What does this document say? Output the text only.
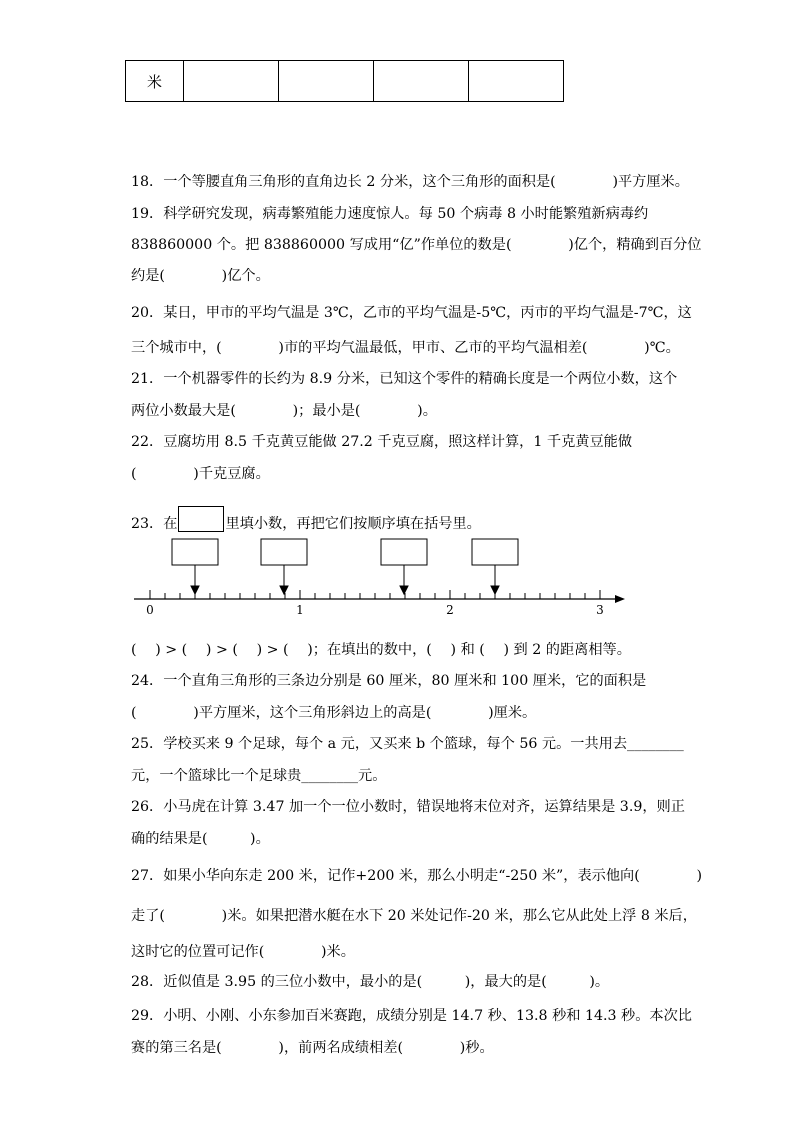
米				
18．一个等腰直角三角形的直角边长 2 分米，这个三角形的面积是(　　　　)平方厘米。
19．科学研究发现，病毒繁殖能力速度惊人。每 50 个病毒 8 小时能繁殖新病毒约
838860000 个。把 838860000 写成用“亿”作单位的数是(　　　　)亿个，精确到百分位
约是(　　　　)亿个。
20．某日，甲市的平均气温是 3℃，乙市的平均气温是-5℃，丙市的平均气温是-7℃，这
三个城市中，(　　　　)市的平均气温最低，甲市、乙市的平均气温相差(　　　　)℃。
21．一个机器零件的长约为 8.9 分米，已知这个零件的精确长度是一个两位小数，这个
两位小数最大是(　　　　)；最小是(　　　　)。
22．豆腐坊用 8.5 千克黄豆能做 27.2 千克豆腐，照这样计算，1 千克黄豆能做
(　　　　)千克豆腐。
23．在	里填小数，再把它们按顺序填在括号里。
0	1	2	3
(　 ) > (　 ) > (　 ) > (　 )；在填出的数中，(　 ) 和 (　 ) 到 2 的距离相等。
24．一个直角三角形的三条边分别是 60 厘米，80 厘米和 100 厘米，它的面积是
(　　　　)平方厘米，这个三角形斜边上的高是(　　　　)厘米。
25．学校买来 9 个足球，每个 a 元，又买来 b 个篮球，每个 56 元。一共用去________
元，一个篮球比一个足球贵________元。
26．小马虎在计算 3.47 加一个一位小数时，错误地将末位对齐，运算结果是 3.9，则正
确的结果是(　　　)。
27．如果小华向东走 200 米，记作+200 米，那么小明走“-250 米”，表示他向(　　　　)
走了(　　　　)米。如果把潜水艇在水下 20 米处记作-20 米，那么它从此处上浮 8 米后，
这时它的位置可记作(　　　　)米。
28．近似值是 3.95 的三位小数中，最小的是(　　　)，最大的是(　　　)。
29．小明、小刚、小东参加百米赛跑，成绩分别是 14.7 秒、13.8 秒和 14.3 秒。本次比
赛的第三名是(　　　　)，前两名成绩相差(　　　　)秒。
